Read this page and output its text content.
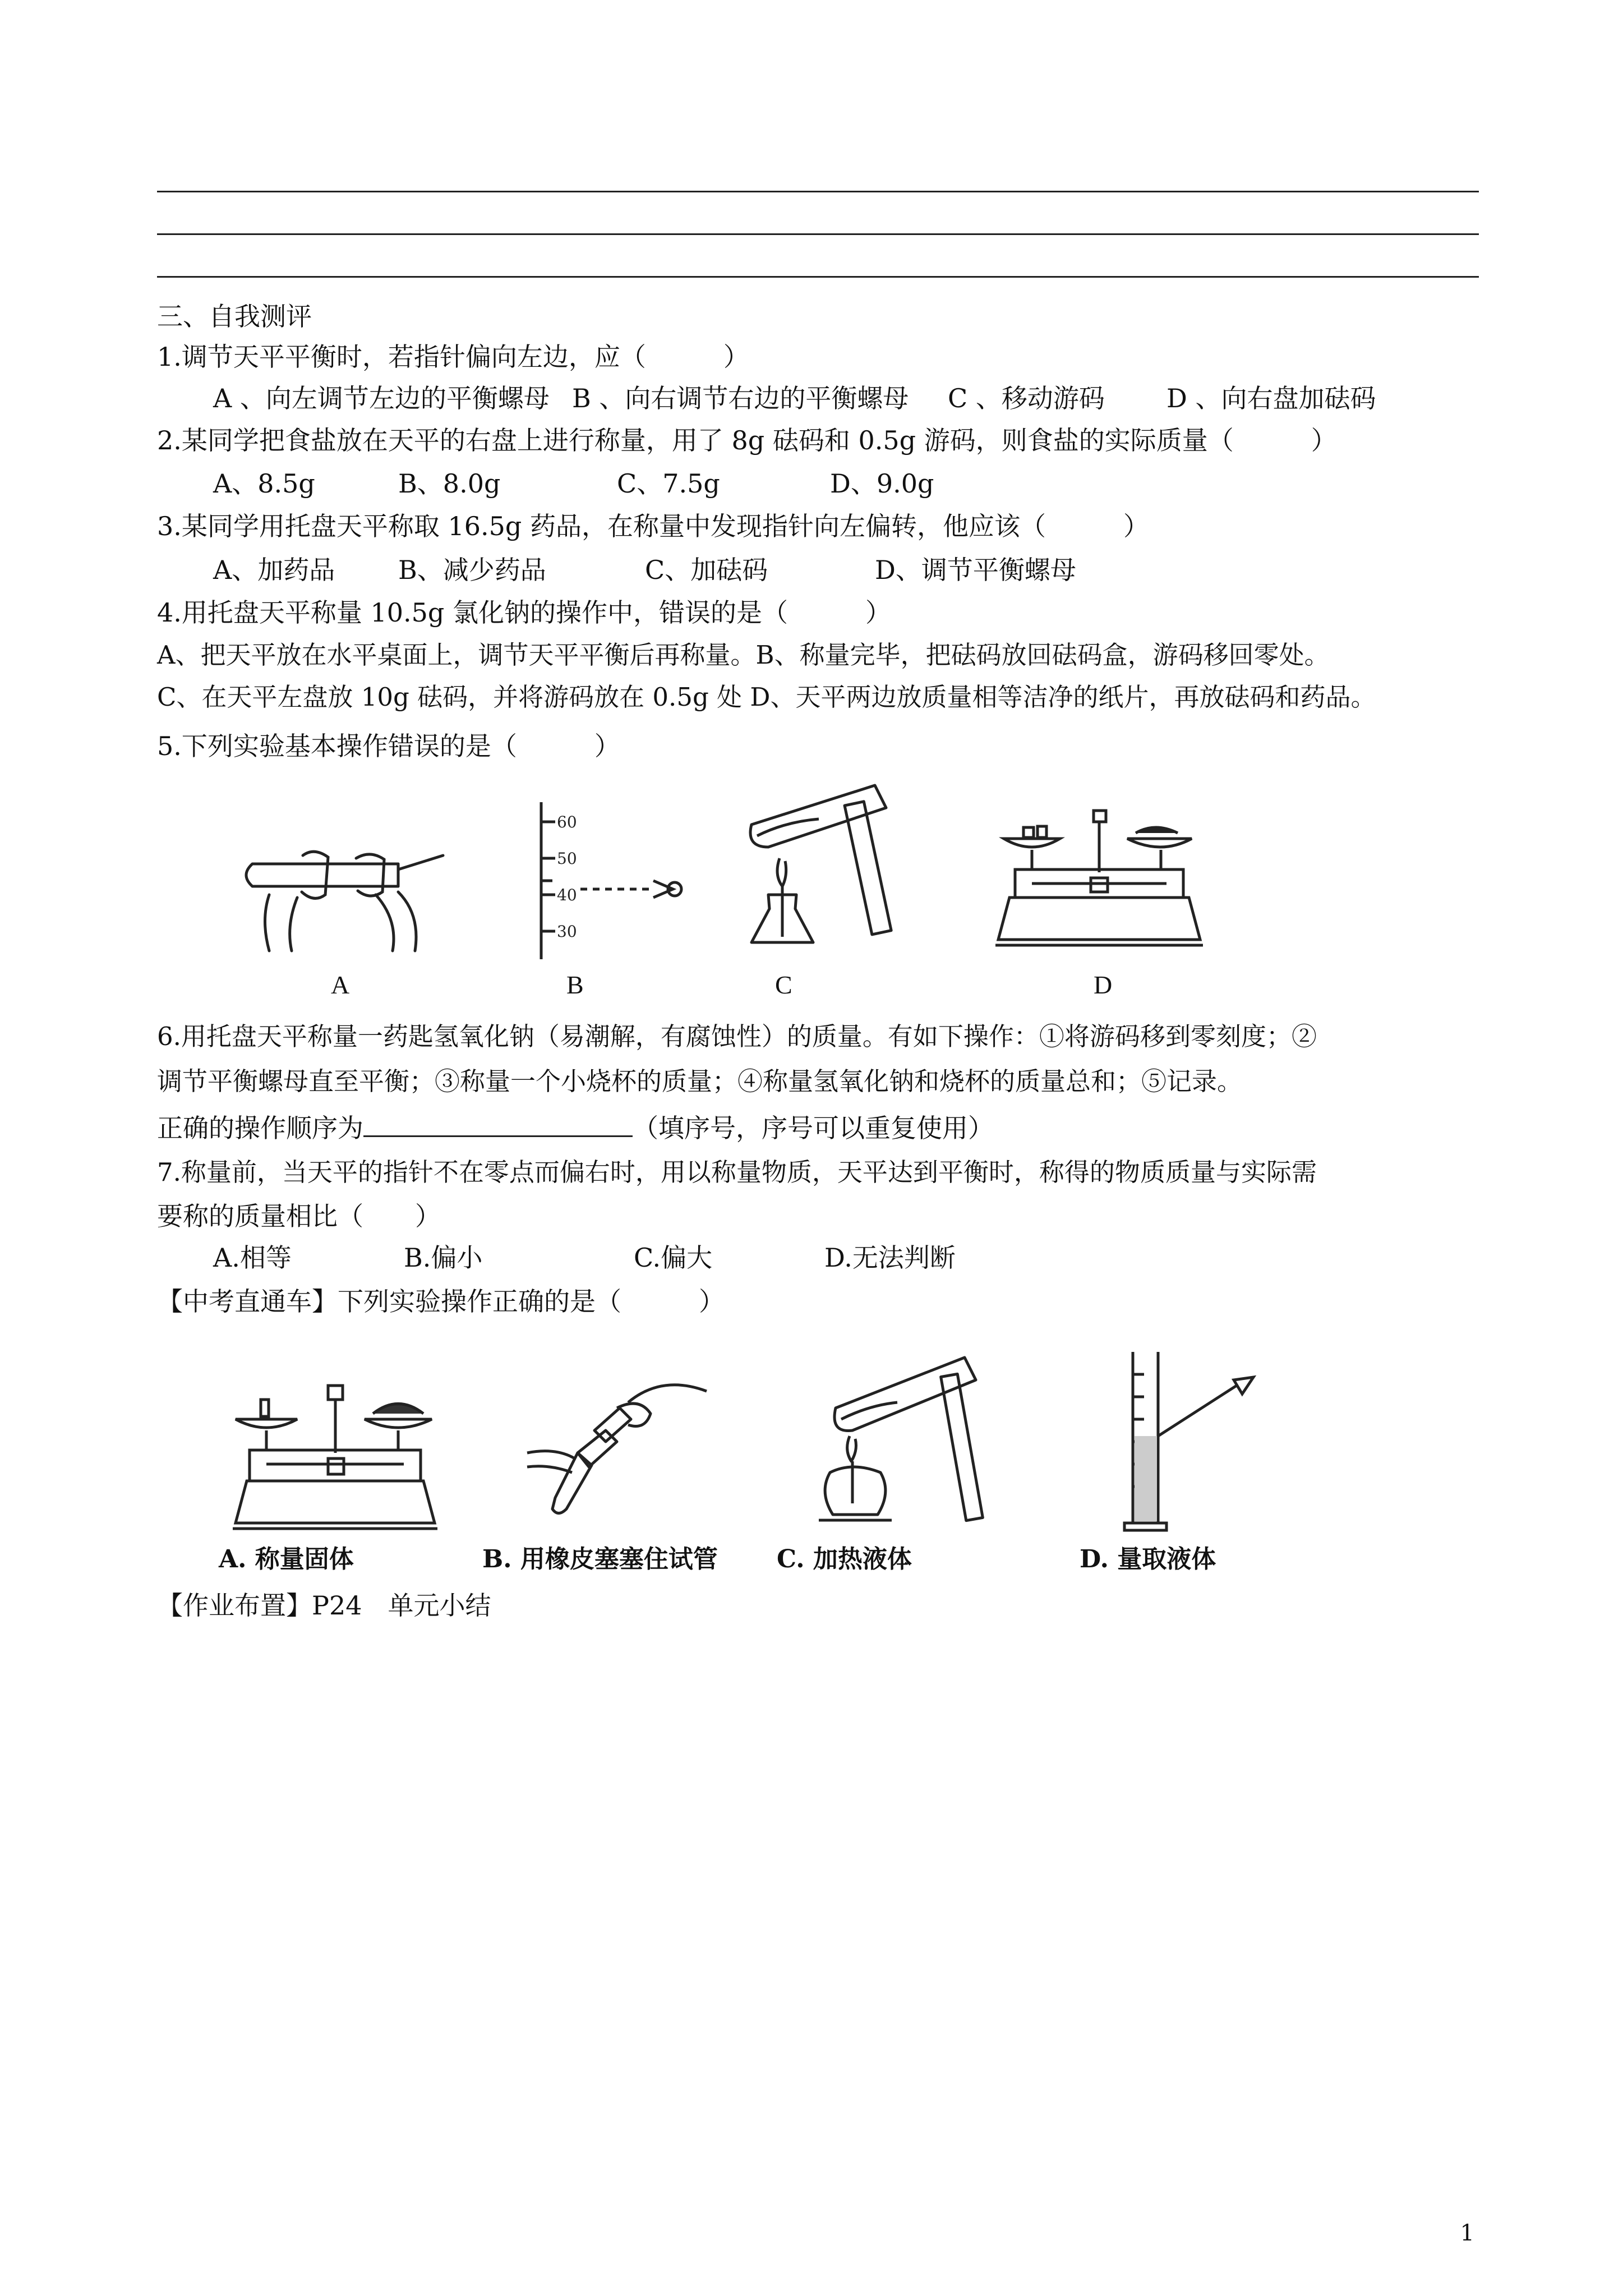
三、自我测评
1.调节天平平衡时，若指针偏向左边，应（　　　）
A 、向左调节左边的平衡螺母 B 、向右调节右边的平衡螺母 C 、移动游码 D 、向右盘加砝码
2.某同学把食盐放在天平的右盘上进行称量，用了 8g 砝码和 0.5g 游码，则食盐的实际质量（　　　）
A、8.5g	B、8.0g	C、7.5g	D、9.0g
3.某同学用托盘天平称取 16.5g 药品，在称量中发现指针向左偏转，他应该（　　　）
A、加药品 B、减少药品	C、加砝码	D、调节平衡螺母
4.用托盘天平称量 10.5g 氯化钠的操作中，错误的是（　　　）
A、把天平放在水平桌面上，调节天平平衡后再称量。B、称量完毕，把砝码放回砝码盒，游码移回零处。
C、在天平左盘放 10g 砝码，并将游码放在 0.5g 处 D、天平两边放质量相等洁净的纸片，再放砝码和药品。
5.下列实验基本操作错误的是（　　　）
A
60
50
40
30
B	C	D
6.用托盘天平称量一药匙氢氧化钠（易潮解，有腐蚀性）的质量。有如下操作：①将游码移到零刻度；②
调节平衡螺母直至平衡；③称量一个小烧杯的质量；④称量氢氧化钠和烧杯的质量总和；⑤记录。
正确的操作顺序为	（填序号，序号可以重复使用）
7.称量前，当天平的指针不在零点而偏右时，用以称量物质，天平达到平衡时，称得的物质质量与实际需
要称的质量相比（　　）
A.相等	B.偏小	C.偏大	D.无法判断
【中考直通车】下列实验操作正确的是（　　　）
A. 称量固体	B. 用橡皮塞塞住试管 C. 加热液体	D. 量取液体
【作业布置】P24　单元小结
1
